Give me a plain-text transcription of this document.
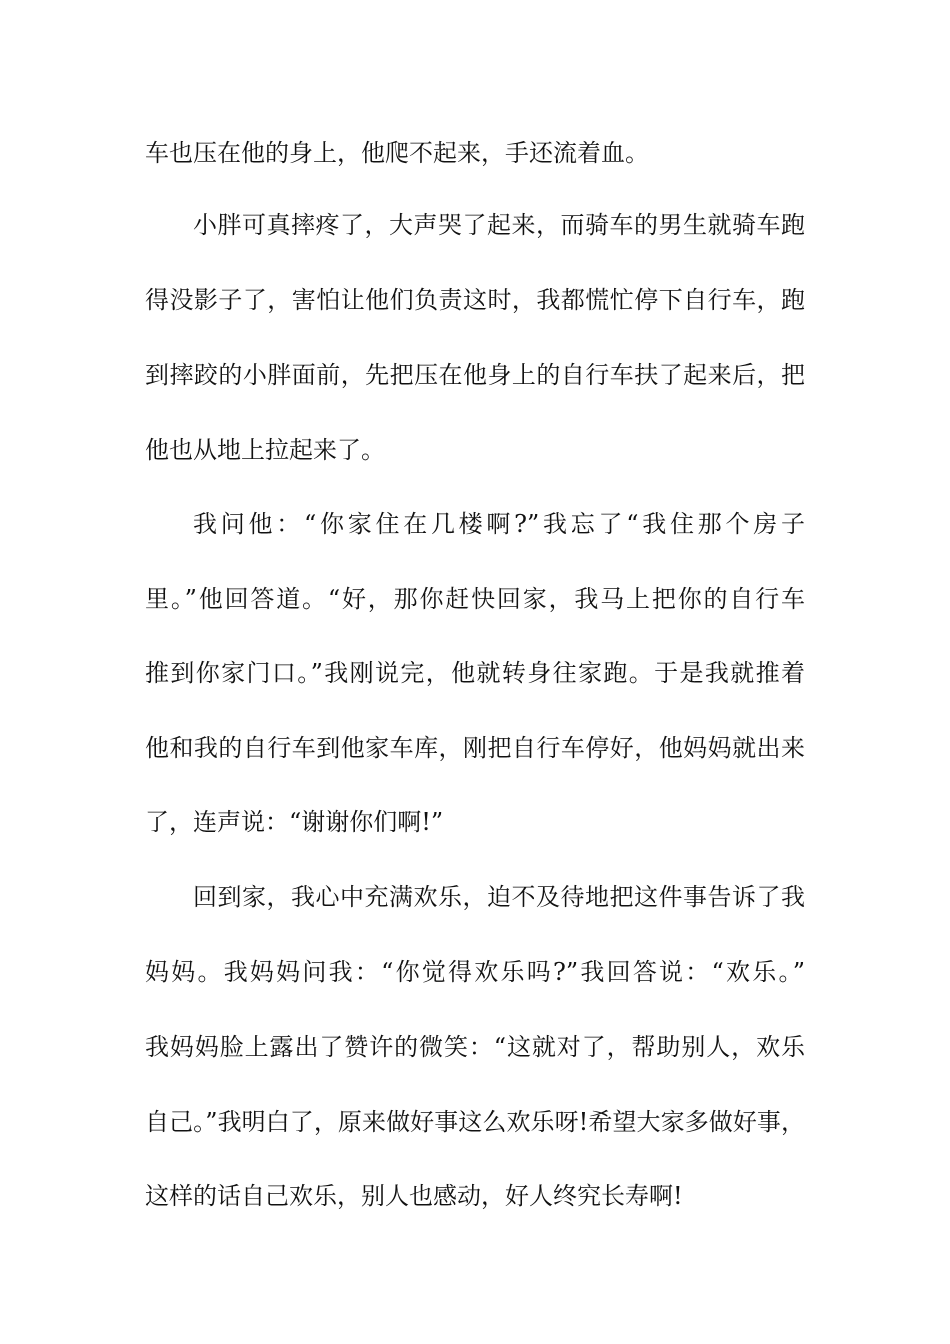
车也压在他的身上，他爬不起来，手还流着血。
小胖可真摔疼了，大声哭了起来，而骑车的男生就骑车跑
得没影子了，害怕让他们负责这时，我都慌忙停下自行车，跑
到摔跤的小胖面前，先把压在他身上的自行车扶了起来后，把
他也从地上拉起来了。
我问他：“你家住在几楼啊?”我忘了“我住那个房子
里。”他回答道。“好，那你赶快回家，我马上把你的自行车
推到你家门口。”我刚说完，他就转身往家跑。于是我就推着
他和我的自行车到他家车库，刚把自行车停好，他妈妈就出来
了，连声说：“谢谢你们啊!”
回到家，我心中充满欢乐，迫不及待地把这件事告诉了我
妈妈。我妈妈问我：“你觉得欢乐吗?”我回答说：“欢乐。”
我妈妈脸上露出了赞许的微笑：“这就对了，帮助别人，欢乐
自己。”我明白了，原来做好事这么欢乐呀!希望大家多做好事，
这样的话自己欢乐，别人也感动，好人终究长寿啊!
